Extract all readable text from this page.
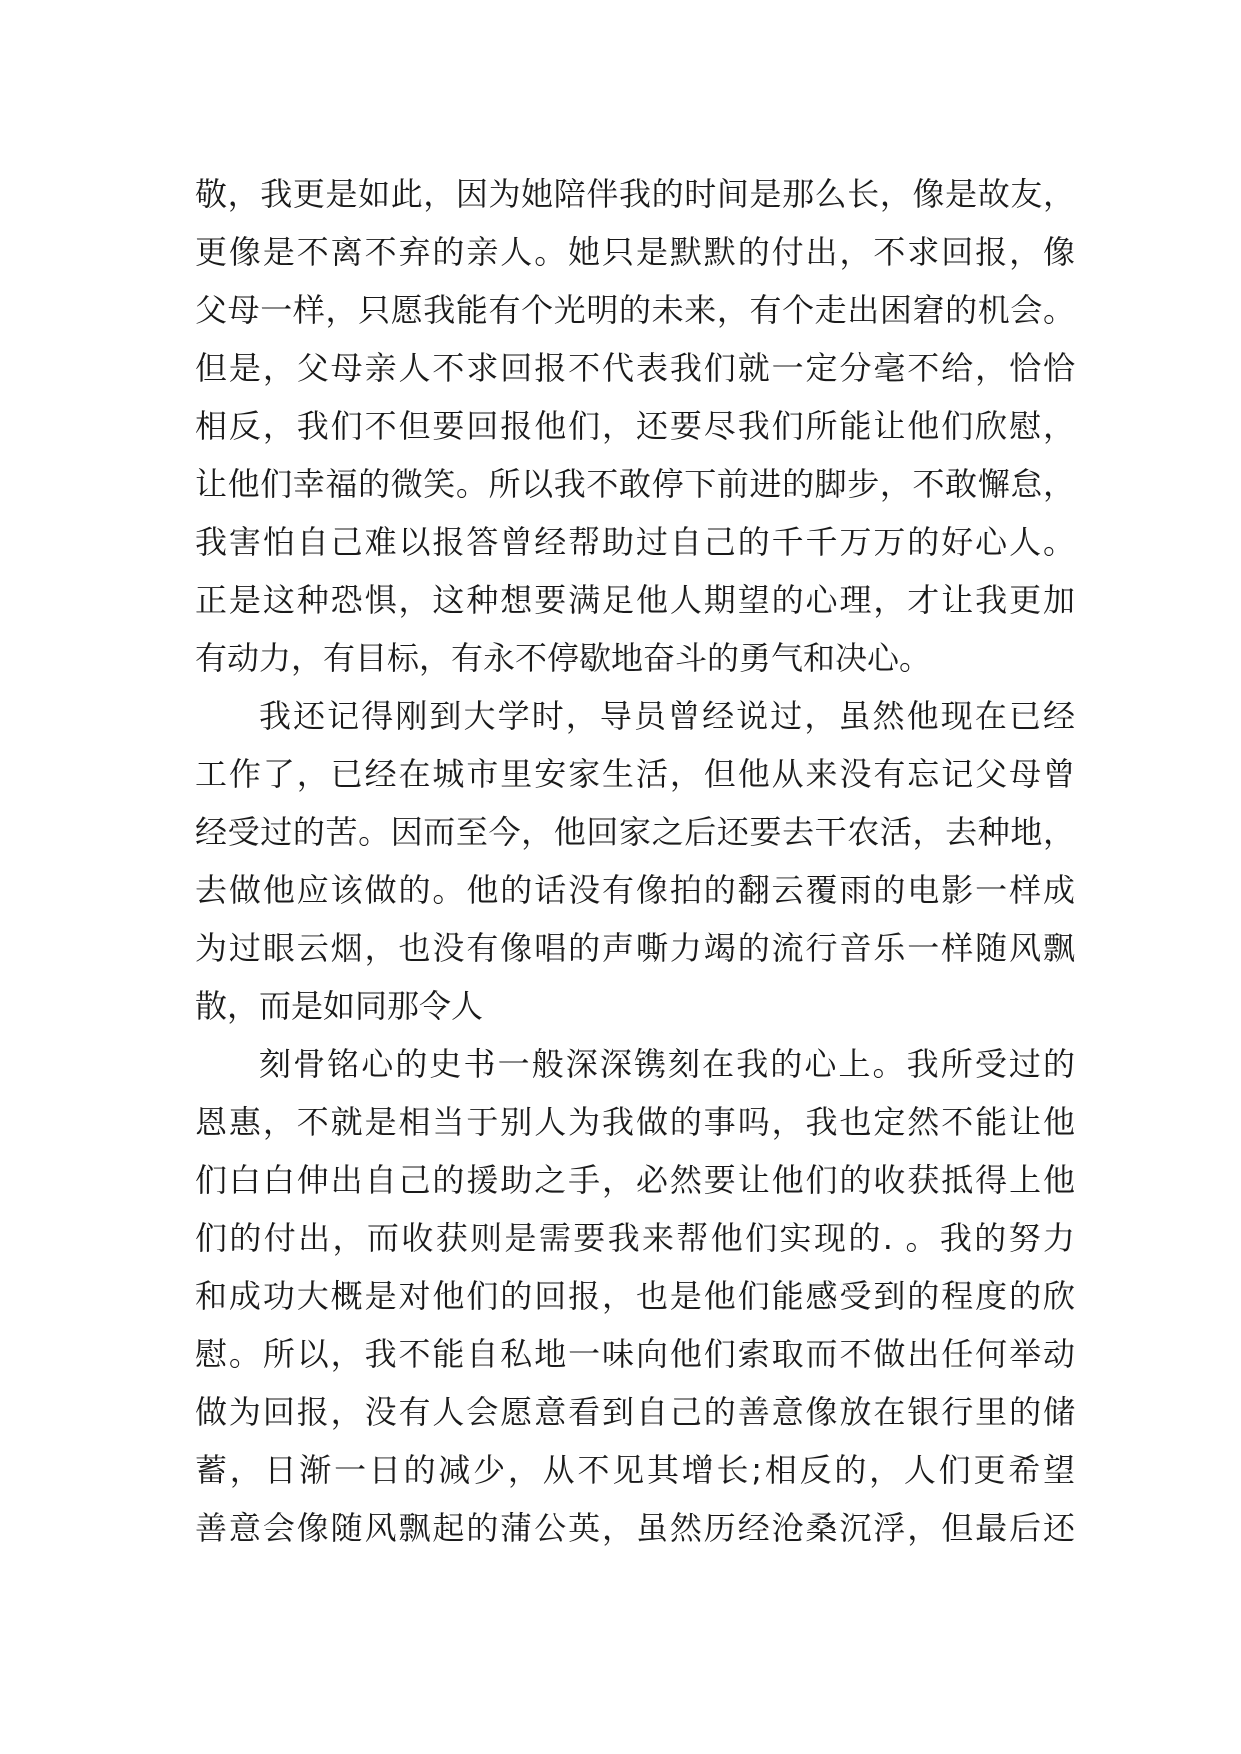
敬，我更是如此，因为她陪伴我的时间是那么长，像是故友，
更像是不离不弃的亲人。她只是默默的付出，不求回报，像
父母一样，只愿我能有个光明的未来，有个走出困窘的机会。
但是，父母亲人不求回报不代表我们就一定分毫不给，恰恰
相反，我们不但要回报他们，还要尽我们所能让他们欣慰，
让他们幸福的微笑。所以我不敢停下前进的脚步，不敢懈怠，
我害怕自己难以报答曾经帮助过自己的千千万万的好心人。
正是这种恐惧，这种想要满足他人期望的心理，才让我更加
有动力，有目标，有永不停歇地奋斗的勇气和决心。
我还记得刚到大学时，导员曾经说过，虽然他现在已经
工作了，已经在城市里安家生活，但他从来没有忘记父母曾
经受过的苦。因而至今，他回家之后还要去干农活，去种地，
去做他应该做的。他的话没有像拍的翻云覆雨的电影一样成
为过眼云烟，也没有像唱的声嘶力竭的流行音乐一样随风飘
散，而是如同那令人
刻骨铭心的史书一般深深镌刻在我的心上。我所受过的
恩惠，不就是相当于别人为我做的事吗，我也定然不能让他
们白白伸出自己的援助之手，必然要让他们的收获抵得上他
们的付出，而收获则是需要我来帮他们实现的. 。我的努力
和成功大概是对他们的回报，也是他们能感受到的程度的欣
慰。所以，我不能自私地一味向他们索取而不做出任何举动
做为回报，没有人会愿意看到自己的善意像放在银行里的储
蓄，日渐一日的减少，从不见其增长;相反的，人们更希望
善意会像随风飘起的蒲公英，虽然历经沧桑沉浮，但最后还
